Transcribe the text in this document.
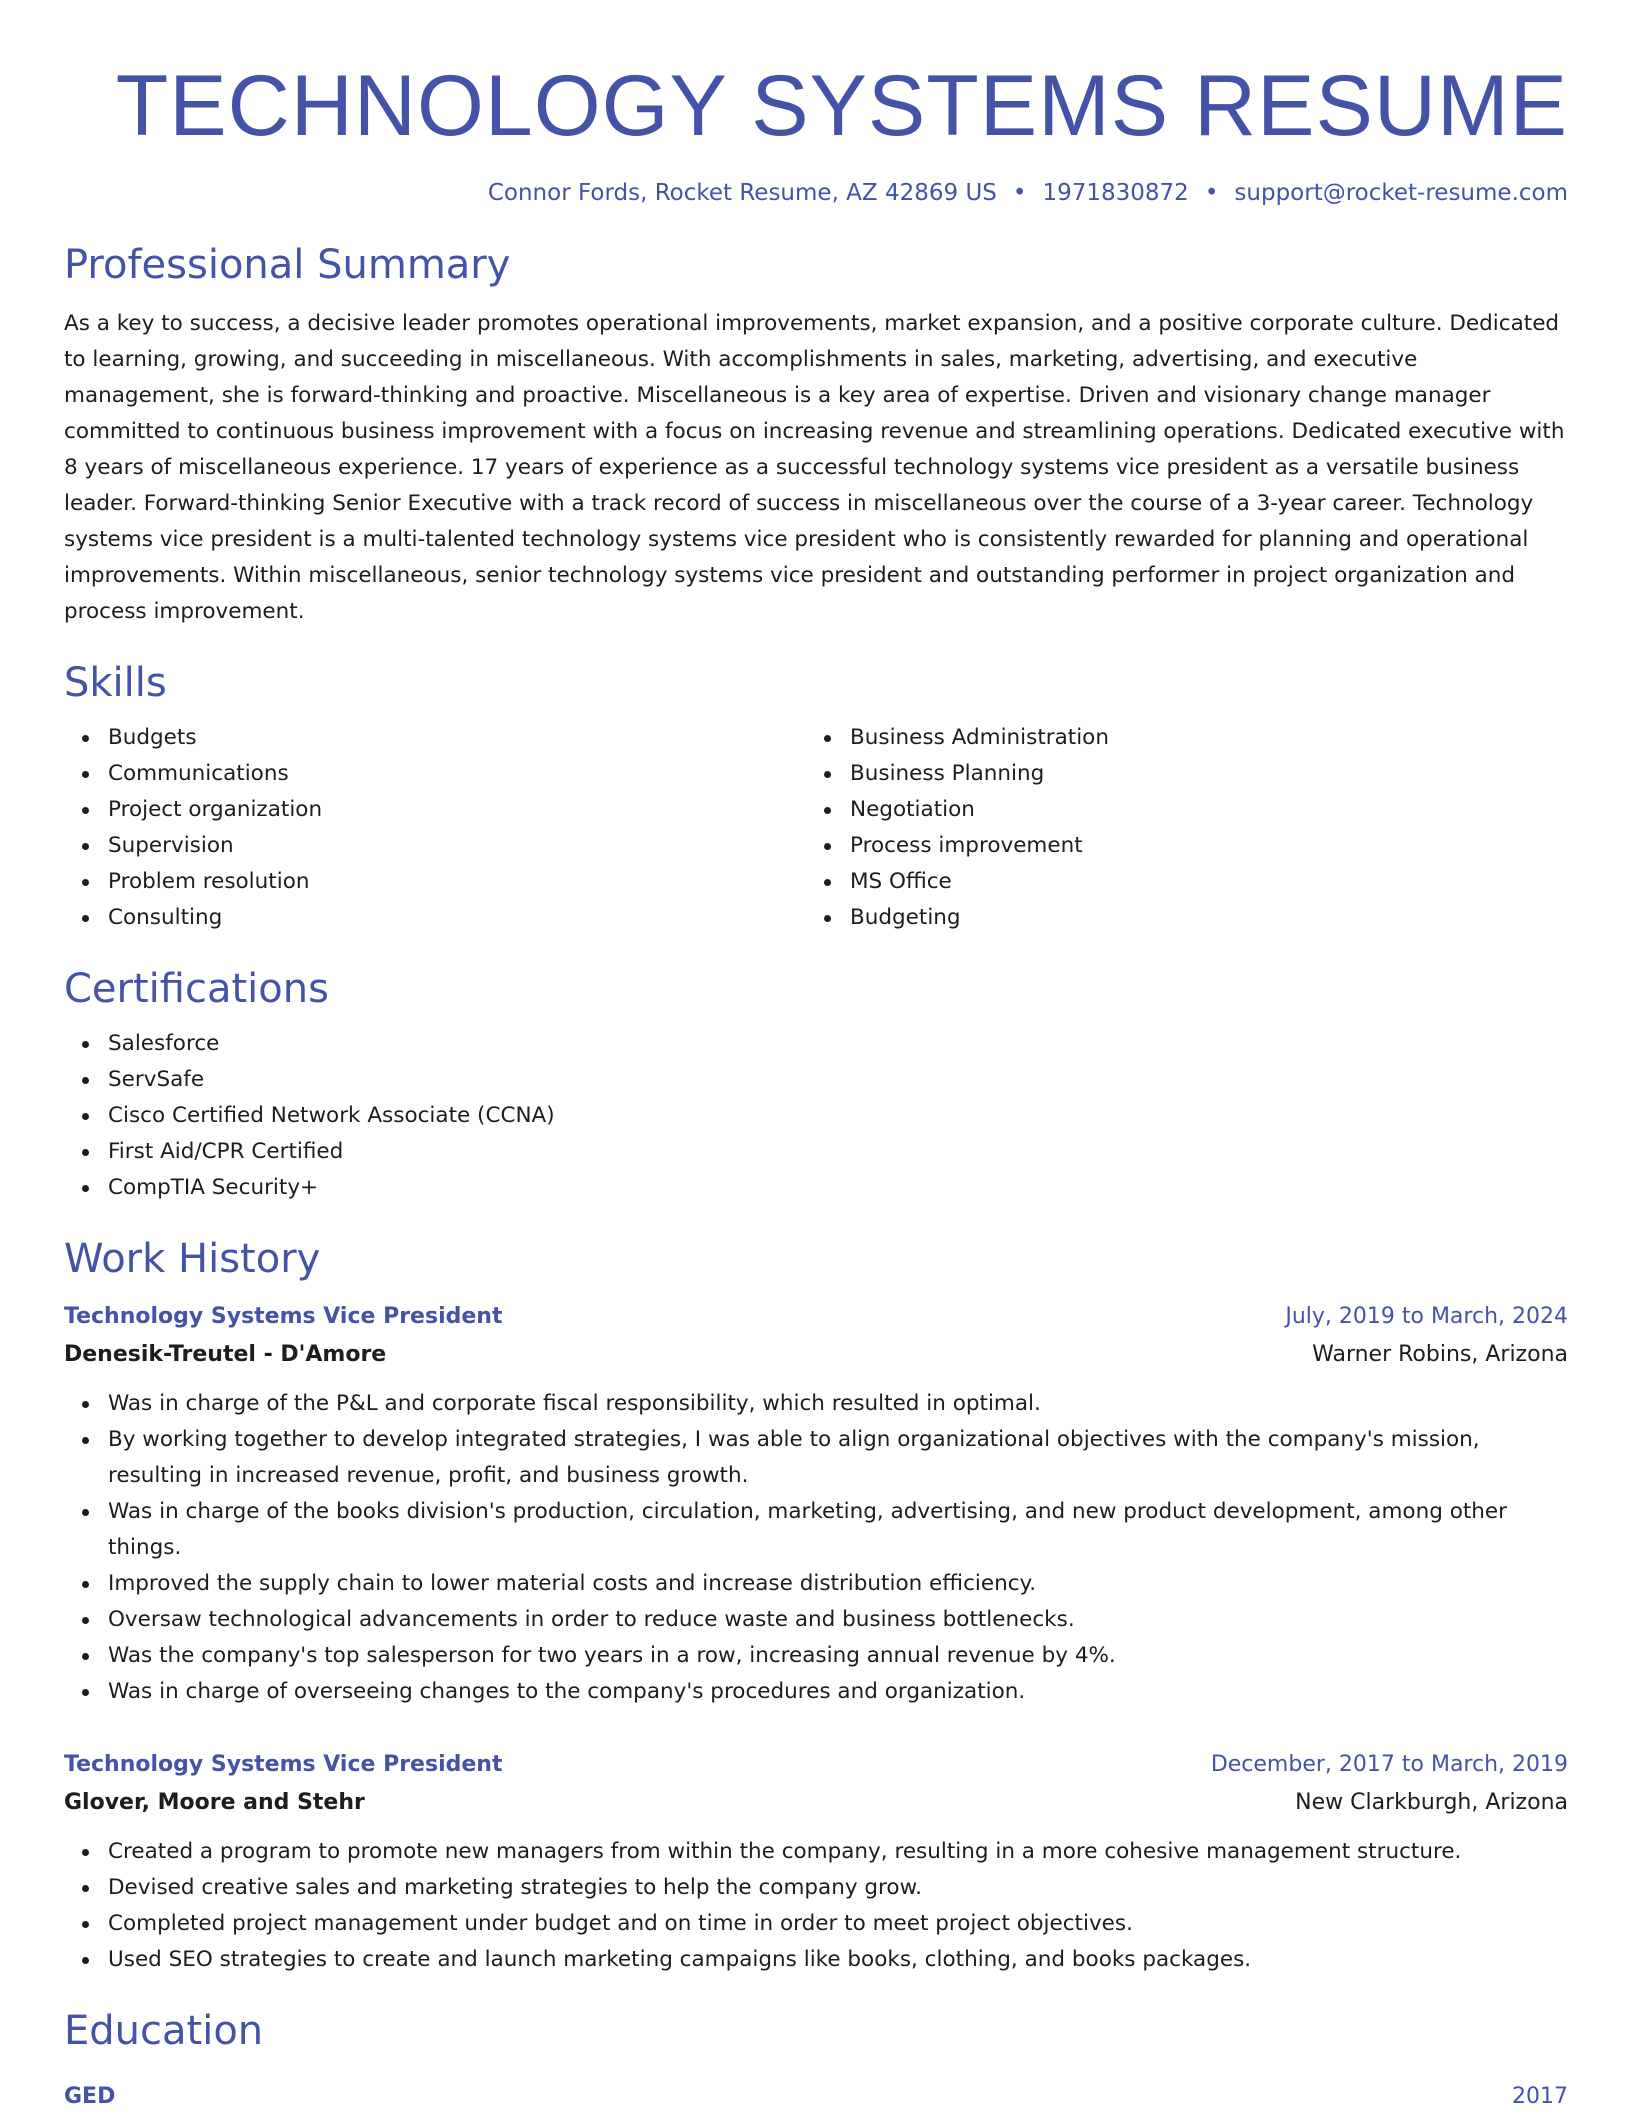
TECHNOLOGY SYSTEMS RESUME
Connor Fords, Rocket Resume, AZ 42869 US • 1971830872 • support@rocket-resume.com
Professional Summary

As a key to success, a decisive leader promotes operational improvements, market expansion, and a positive corporate culture. Dedicated to learning, growing, and succeeding in miscellaneous. With accomplishments in sales, marketing, advertising, and executive management, she is forward-thinking and proactive. Miscellaneous is a key area of expertise. Driven and visionary change manager committed to continuous business improvement with a focus on increasing revenue and streamlining operations. Dedicated executive with 8 years of miscellaneous experience. 17 years of experience as a successful technology systems vice president as a versatile business leader. Forward-thinking Senior Executive with a track record of success in miscellaneous over the course of a 3-year career. Technology systems vice president is a multi-talented technology systems vice president who is consistently rewarded for planning and operational improvements. Within miscellaneous, senior technology systems vice president and outstanding performer in project organization and process improvement.

Skills
Budgets
Communications
Project organization
Supervision
Problem resolution
Consulting
Business Administration
Business Planning
Negotiation
Process improvement
MS Office
Budgeting
Certifications
Salesforce
ServSafe
Cisco Certified Network Associate (CCNA)
First Aid/CPR Certified
CompTIA Security+
Work History
Technology Systems Vice President	July, 2019 to March, 2024
Denesik-Treutel - D'Amore	Warner Robins, Arizona
Was in charge of the P&L and corporate fiscal responsibility, which resulted in optimal.
By working together to develop integrated strategies, I was able to align organizational objectives with the company's mission, resulting in increased revenue, profit, and business growth.
Was in charge of the books division's production, circulation, marketing, advertising, and new product development, among other things.
Improved the supply chain to lower material costs and increase distribution efficiency.
Oversaw technological advancements in order to reduce waste and business bottlenecks.
Was the company's top salesperson for two years in a row, increasing annual revenue by 4%.
Was in charge of overseeing changes to the company's procedures and organization.
Technology Systems Vice President	December, 2017 to March, 2019
Glover, Moore and Stehr	New Clarkburgh, Arizona
Created a program to promote new managers from within the company, resulting in a more cohesive management structure.
Devised creative sales and marketing strategies to help the company grow.
Completed project management under budget and on time in order to meet project objectives.
Used SEO strategies to create and launch marketing campaigns like books, clothing, and books packages.
Education
GED	2017
